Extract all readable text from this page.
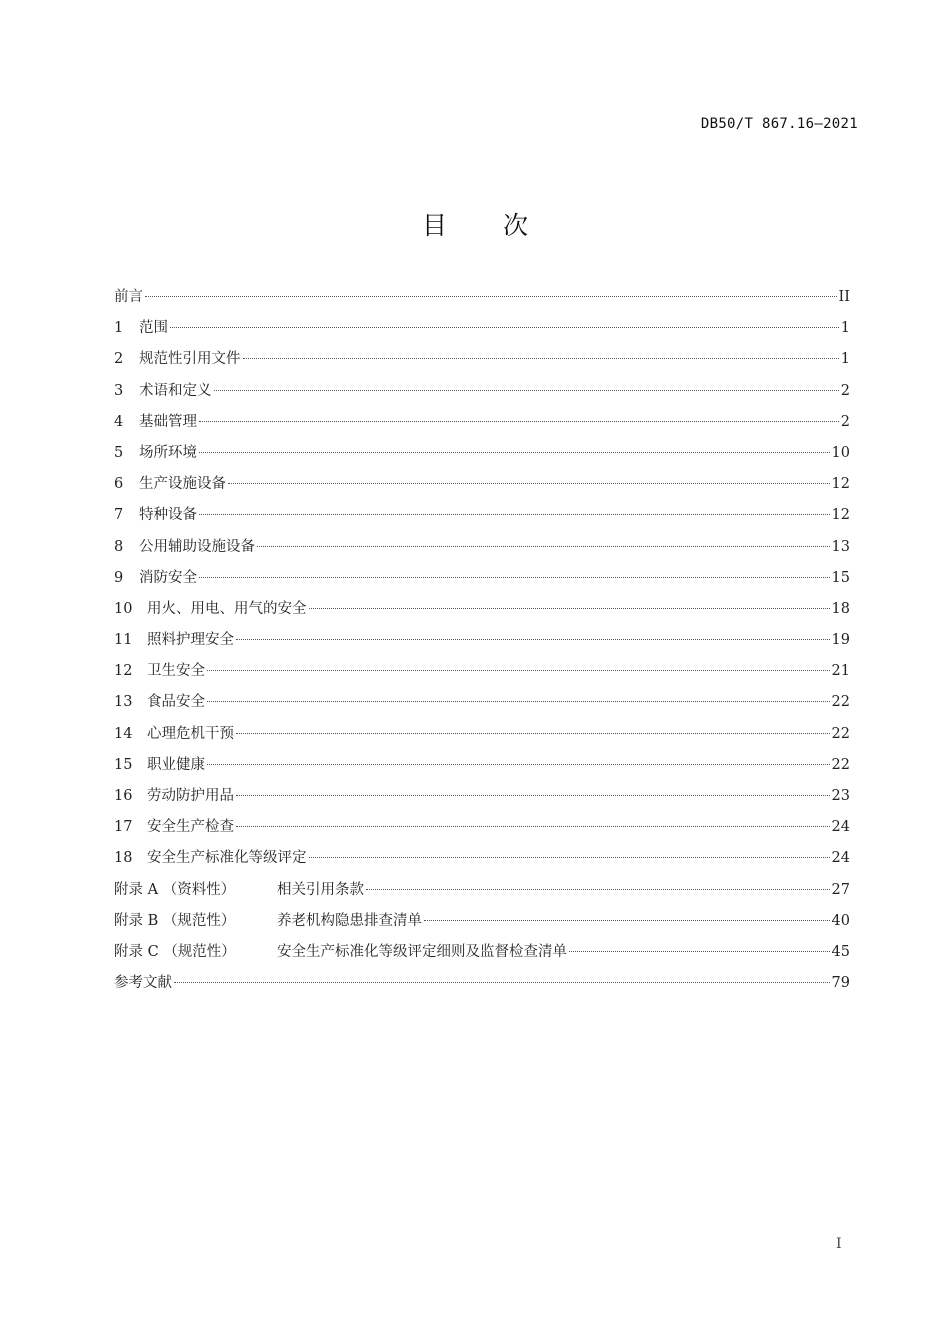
DB50/T 867.16—2021
目 次
前言	II
1	范围	1
2	规范性引用文件	1
3	术语和定义	2
4	基础管理	2
5	场所环境	10
6	生产设施设备	12
7	特种设备	12
8	公用辅助设施设备	13
9	消防安全	15
10	用火、用电、用气的安全	18
11	照料护理安全	19
12	卫生安全	21
13	食品安全	22
14	心理危机干预	22
15	职业健康	22
16	劳动防护用品	23
17	安全生产检查	24
18	安全生产标准化等级评定	24
附录 A （资料性）	相关引用条款	27
附录 B （规范性）	养老机构隐患排查清单	40
附录 C （规范性）	安全生产标准化等级评定细则及监督检查清单	45
参考文献	79
I
